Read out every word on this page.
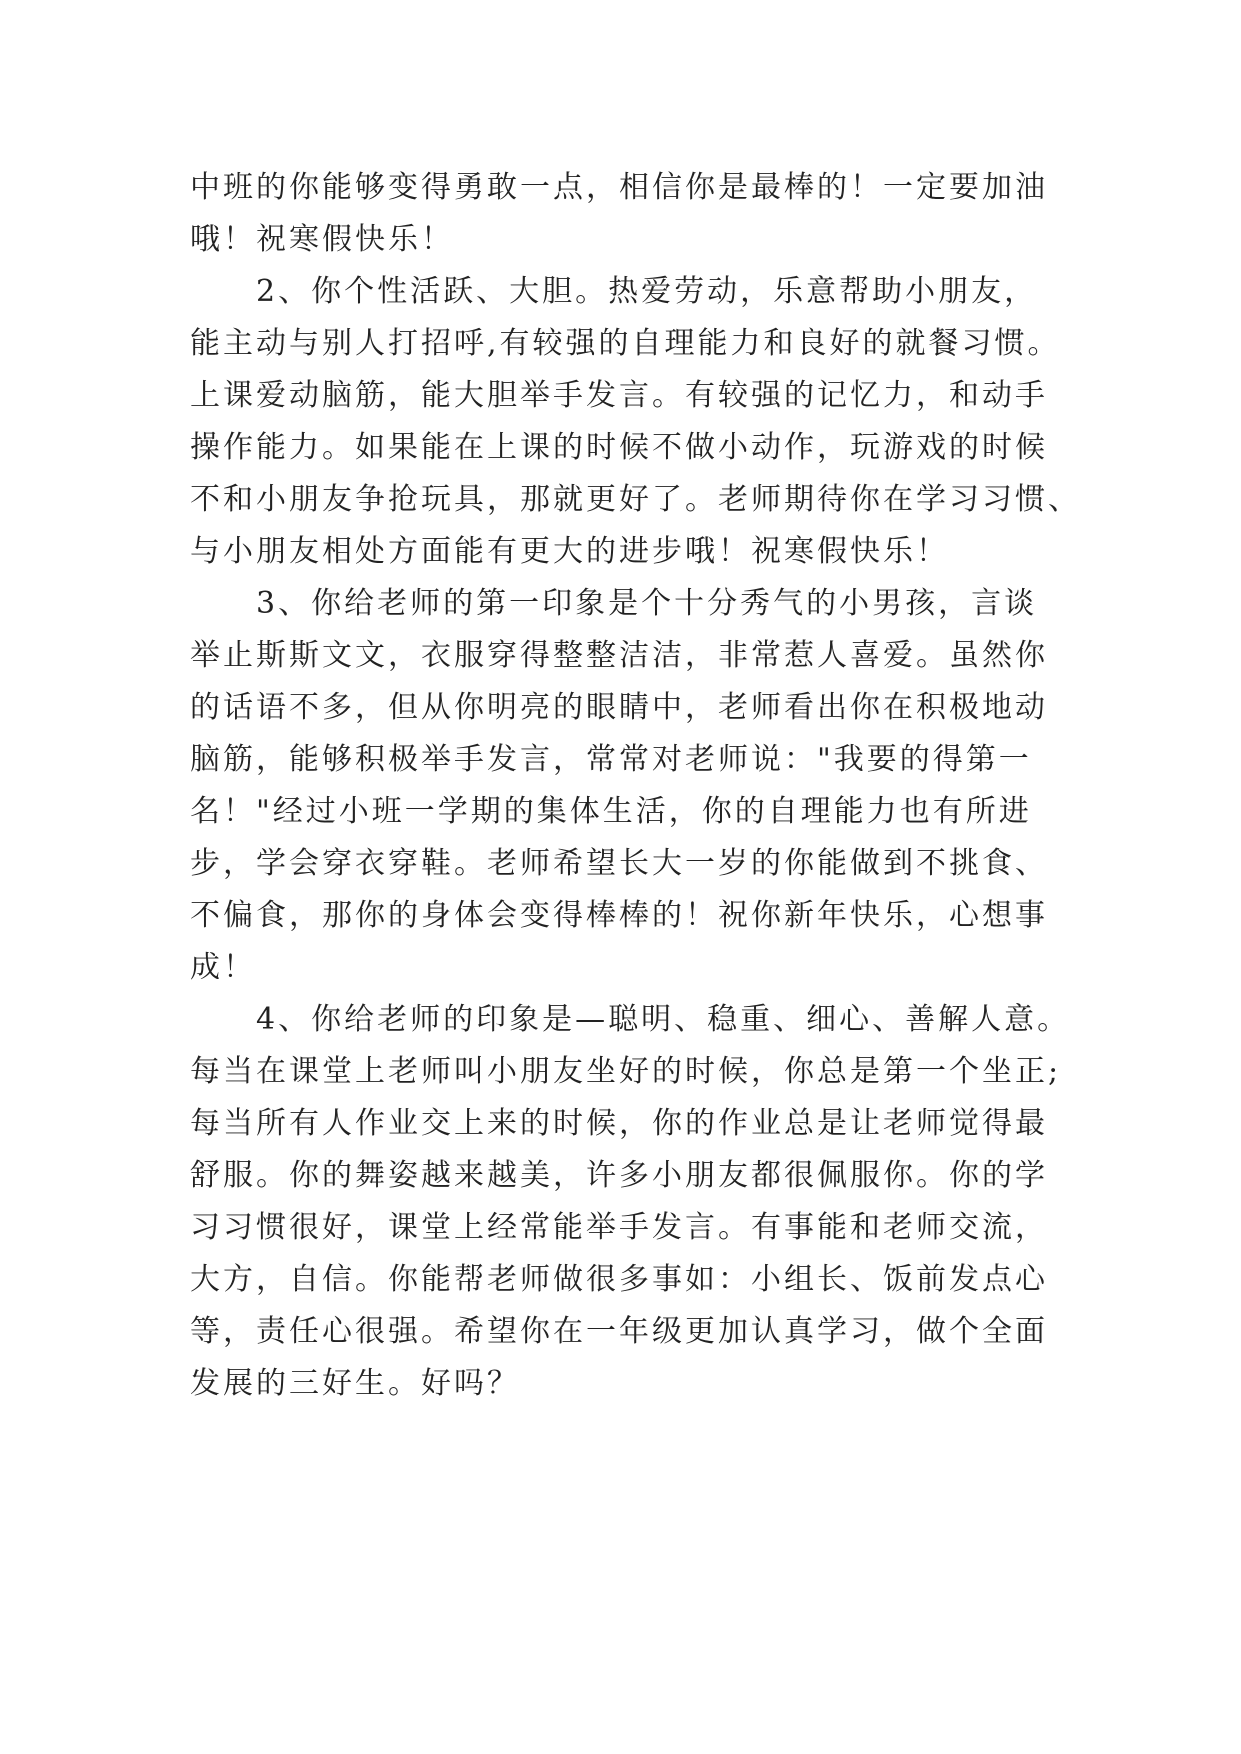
中班的你能够变得勇敢一点，相信你是最棒的！一定要加油
哦！祝寒假快乐！
2、你个性活跃、大胆。热爱劳动，乐意帮助小朋友，
能主动与别人打招呼,有较强的自理能力和良好的就餐习惯。
上课爱动脑筋，能大胆举手发言。有较强的记忆力，和动手
操作能力。如果能在上课的时候不做小动作，玩游戏的时候
不和小朋友争抢玩具，那就更好了。老师期待你在学习习惯、
与小朋友相处方面能有更大的进步哦！祝寒假快乐！
3、你给老师的第一印象是个十分秀气的小男孩，言谈
举止斯斯文文，衣服穿得整整洁洁，非常惹人喜爱。虽然你
的话语不多，但从你明亮的眼睛中，老师看出你在积极地动
脑筋，能够积极举手发言，常常对老师说："我要的得第一
名！"经过小班一学期的集体生活，你的自理能力也有所进
步，学会穿衣穿鞋。老师希望长大一岁的你能做到不挑食、
不偏食，那你的身体会变得棒棒的！祝你新年快乐，心想事
成！
4、你给老师的印象是—聪明、稳重、细心、善解人意。
每当在课堂上老师叫小朋友坐好的时候，你总是第一个坐正;
每当所有人作业交上来的时候，你的作业总是让老师觉得最
舒服。你的舞姿越来越美，许多小朋友都很佩服你。你的学
习习惯很好，课堂上经常能举手发言。有事能和老师交流，
大方，自信。你能帮老师做很多事如：小组长、饭前发点心
等，责任心很强。希望你在一年级更加认真学习，做个全面
发展的三好生。好吗？
